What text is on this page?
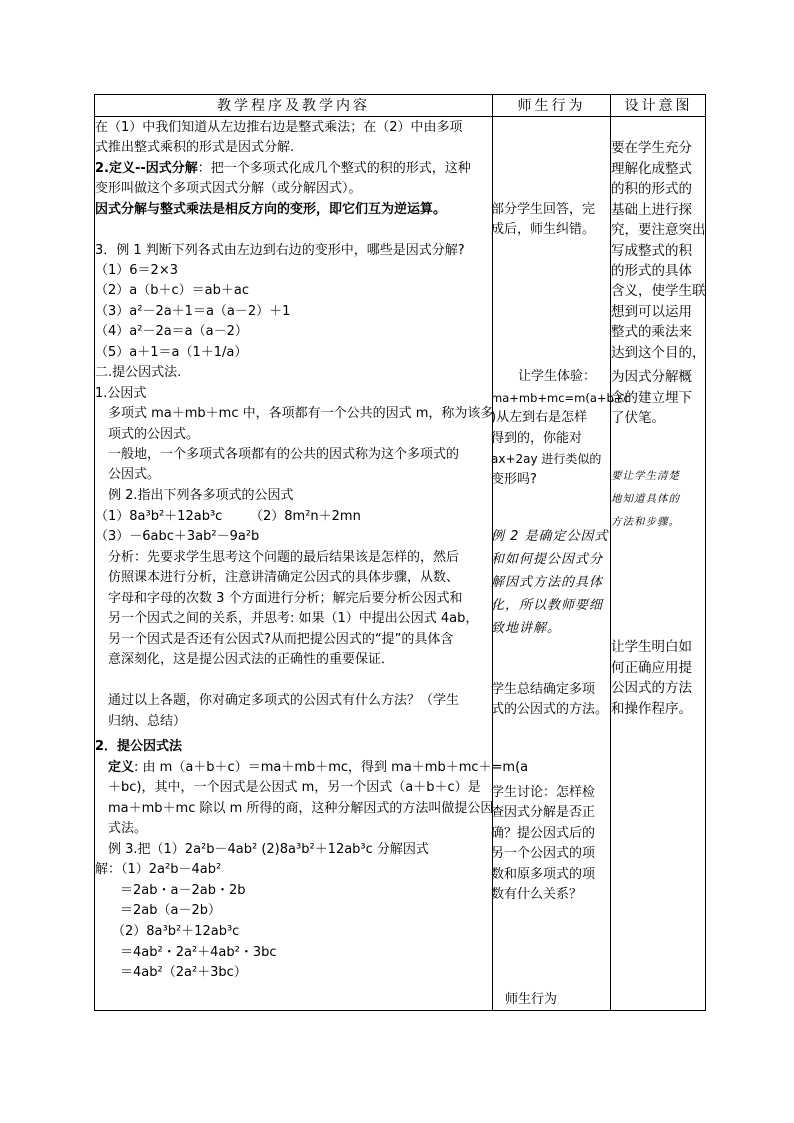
教学程序及教学内容	师生行为	设计意图
在（1）中我们知道从左边推右边是整式乘法；在（2）中由多项
式推出整式乘积的形式是因式分解.
2.定义--因式分解：把一个多项式化成几个整式的积的形式，这种
变形叫做这个多项式因式分解（或分解因式）。
因式分解与整式乘法是相反方向的变形，即它们互为逆运算。
3．例 1 判断下列各式由左边到右边的变形中，哪些是因式分解?
（1）6＝2×3
（2）a（b＋c）＝ab＋ac
（3）a²－2a＋1＝a（a－2）＋1
（4）a²－2a＝a（a－2）
（5）a＋1＝a（1＋1/a）
二.提公因式法.
1.公因式
多项式 ma＋mb＋mc 中，各项都有一个公共的因式 m，称为该多
项式的公因式。
一般地，一个多项式各项都有的公共的因式称为这个多项式的
公因式。
例 2.指出下列各多项式的公因式
（1）8a³b²＋12ab³c （2）8m²n＋2mn
（3）－6abc＋3ab²－9a²b
分析：先要求学生思考这个问题的最后结果该是怎样的，然后
仿照课本进行分析，注意讲清确定公因式的具体步骤，从数、
字母和字母的次数 3 个方面进行分析；解完后要分析公因式和
另一个因式之间的关系，并思考: 如果（1）中提出公因式 4ab，
另一个因式是否还有公因式?从而把提公因式的“提”的具体含
意深刻化，这是提公因式法的正确性的重要保证．
通过以上各题，你对确定多项式的公因式有什么方法？（学生
归纳、总结）
2．提公因式法
定义: 由 m（a＋b＋c）＝ma＋mb＋mc，得到 ma＋mb＋mc＋=m(a
＋bc)，其中，一个因式是公因式 m，另一个因式（a＋b＋c）是
ma＋mb＋mc 除以 m 所得的商，这种分解因式的方法叫做提公因
式法。
例 3.把（1）2a²b－4ab² (2)8a³b²＋12ab³c 分解因式
解：（1）2a²b－4ab²
＝2ab・a－2ab・2b
＝2ab（a－2b）
（2）8a³b²＋12ab³c
＝4ab²・2a²＋4ab²・3bc
＝4ab²（2a²＋3bc）
部分学生回答，完
成后，师生纠错。
让学生体验：
ma+mb+mc=m(a+b+c
)从左到右是怎样
得到的，你能对
ax+2ay 进行类似的
变形吗?
例 2 是确定公因式
和如何提公因式分
解因式方法的具体
化，所以教师要细
致地讲解。
学生总结确定多项
式的公因式的方法。
学生讨论：怎样检
查因式分解是否正
确？提公因式后的
另一个公因式的项
数和原多项式的项
数有什么关系？
师生行为
要在学生充分
理解化成整式
的积的形式的
基础上进行探
究，要注意突出
写成整式的积
的形式的具体
含义，使学生联
想到可以运用
整式的乘法来
达到这个目的，
为因式分解概
念的建立埋下
了伏笔。
要让学生清楚
地知道具体的
方法和步骤。
让学生明白如
何正确应用提
公因式的方法
和操作程序。
